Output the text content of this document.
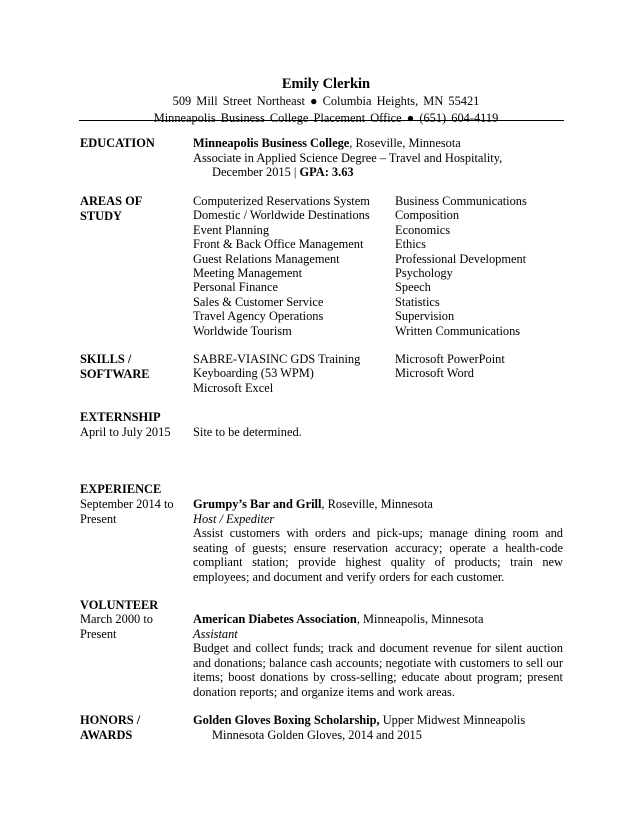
Emily Clerkin
509 Mill Street Northeast ● Columbia Heights, MN 55421
Minneapolis Business College Placement Office ● (651) 604-4119
EDUCATION	Minneapolis Business College, Roseville, Minnesota
Associate in Applied Science Degree – Travel and Hospitality,
December 2015 | GPA: 3.63
AREAS OF
STUDY
Computerized Reservations System
Domestic / Worldwide Destinations
Event Planning
Front & Back Office Management
Guest Relations Management
Meeting Management
Personal Finance
Sales & Customer Service
Travel Agency Operations
Worldwide Tourism
Business Communications
Composition
Economics
Ethics
Professional Development
Psychology
Speech
Statistics
Supervision
Written Communications
SKILLS /
SOFTWARE
SABRE-VIASINC GDS Training
Keyboarding (53 WPM)
Microsoft Excel
Microsoft PowerPoint
Microsoft Word
EXTERNSHIP
April to July 2015 Site to be determined.
EXPERIENCE
September 2014 to
Present
Grumpy’s Bar and Grill, Roseville, Minnesota
Host / Expediter
Assist customers with orders and pick-ups; manage dining room and seating of guests; ensure reservation accuracy; operate a health-code compliant station; provide highest quality of products; train new employees; and document and verify orders for each customer.
VOLUNTEER
March 2000 to
Present
American Diabetes Association, Minneapolis, Minnesota
Assistant
Budget and collect funds; track and document revenue for silent auction and donations; balance cash accounts; negotiate with customers to sell our items; boost donations by cross-selling; educate about program; present donation reports; and organize items and work areas.
HONORS /
AWARDS
Golden Gloves Boxing Scholarship, Upper Midwest Minneapolis
Minnesota Golden Gloves, 2014 and 2015
